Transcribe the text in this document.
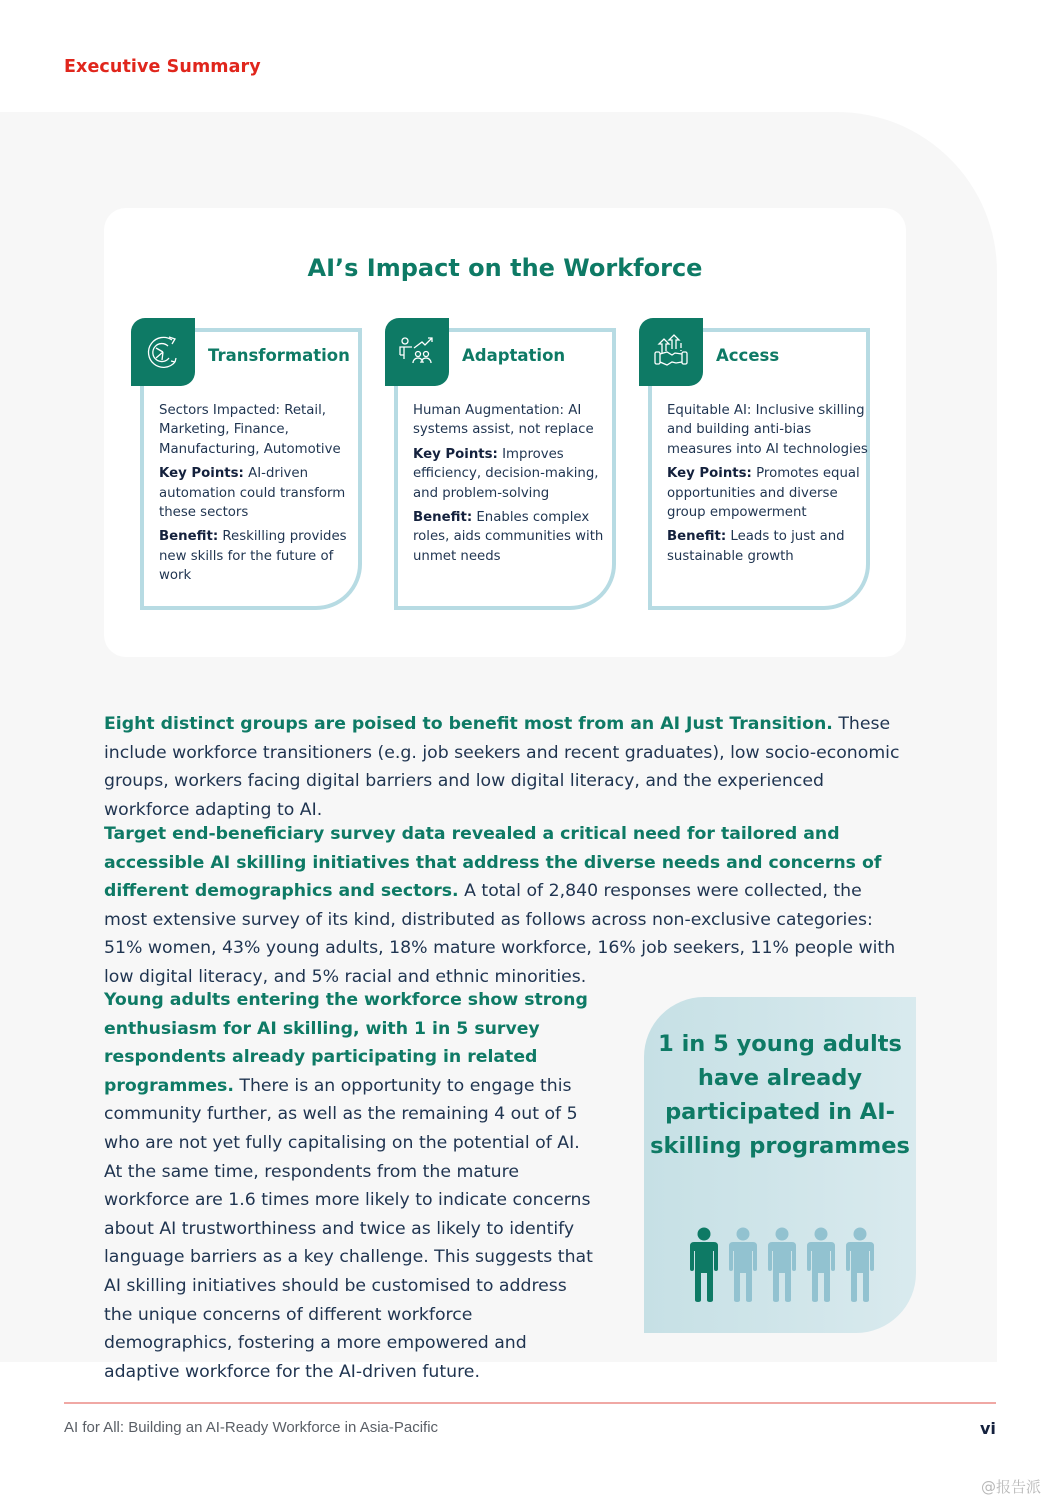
Executive Summary
AI’s Impact on the Workforce
Transformation

Sectors Impacted: Retail, Marketing, Finance, Manufacturing, Automotive

Key Points: AI-driven automation could transform these sectors

Benefit: Reskilling provides new skills for the future of work

Adaptation

Human Augmentation: AI systems assist, not replace

Key Points: Improves efficiency, decision-making, and problem-solving

Benefit: Enables complex roles, aids communities with unmet needs

Access

Equitable AI: Inclusive skilling and building anti-bias measures into AI technologies

Key Points: Promotes equal opportunities and diverse group empowerment

Benefit: Leads to just and sustainable growth

Eight distinct groups are poised to benefit most from an AI Just Transition. These include workforce transitioners (e.g. job seekers and recent graduates), low socio-economic groups, workers facing digital barriers and low digital literacy, and the experienced workforce adapting to AI.
Target end-beneficiary survey data revealed a critical need for tailored and accessible AI skilling initiatives that address the diverse needs and concerns of different demographics and sectors. A total of 2,840 responses were collected, the most extensive survey of its kind, distributed as follows across non-exclusive categories: 51% women, 43% young adults, 18% mature workforce, 16% job seekers, 11% people with low digital literacy, and 5% racial and ethnic minorities.
Young adults entering the workforce show strong enthusiasm for AI skilling, with 1 in 5 survey respondents already participating in related programmes. There is an opportunity to engage this community further, as well as the remaining 4 out of 5 who are not yet fully capitalising on the potential of AI. At the same time, respondents from the mature workforce are 1.6 times more likely to indicate concerns about AI trustworthiness and twice as likely to identify language barriers as a key challenge. This suggests that AI skilling initiatives should be customised to address the unique concerns of different workforce demographics, fostering a more empowered and adaptive workforce for the AI-driven future.
1 in 5 young adults have already participated in AI-skilling programmes
AI for All: Building an AI-Ready Workforce in Asia-Pacific	vi
@报告派
